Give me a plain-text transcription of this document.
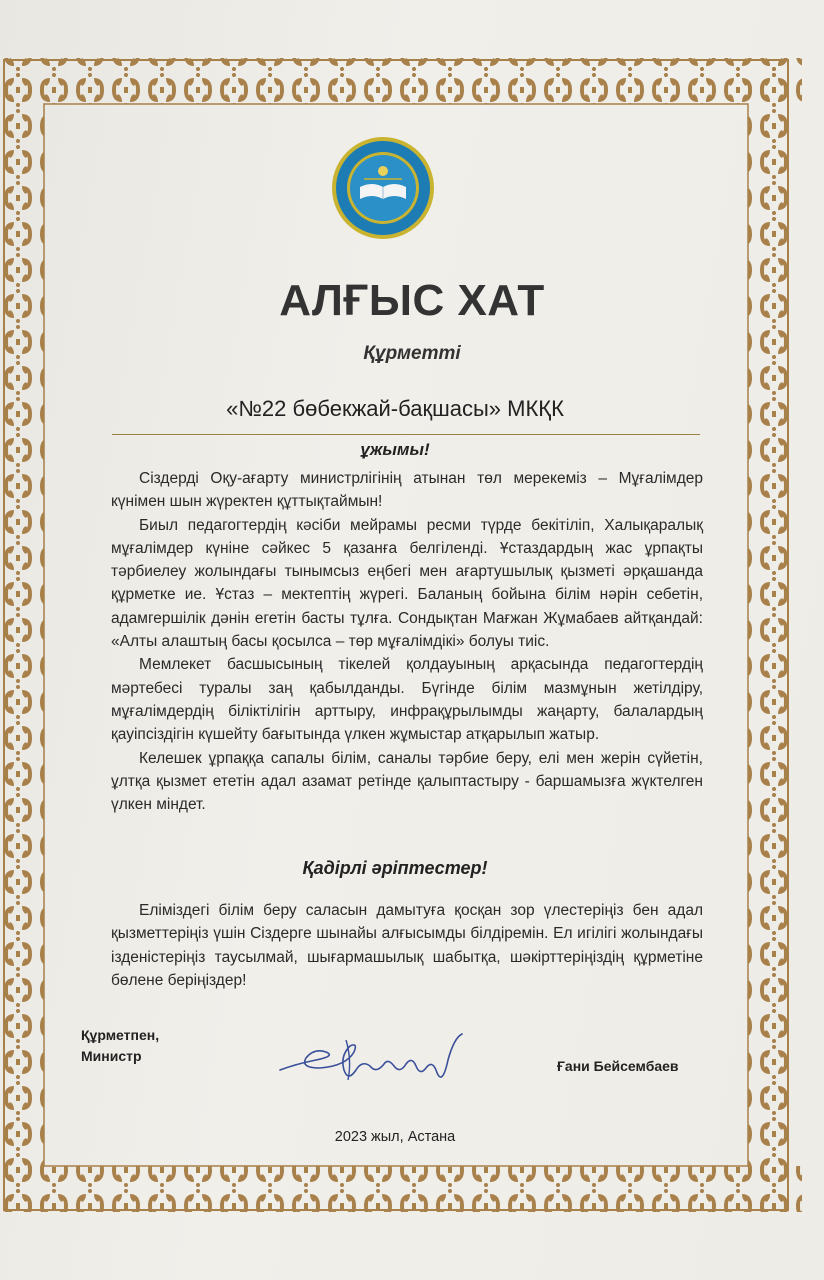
АЛҒЫС ХАТ
Құрметті
«№22 бөбекжай-бақшасы» МКҚК
ұжымы!

Сіздерді Оқу-ағарту министрлігінің атынан төл мерекеміз – Мұғалімдер күнімен шын жүректен құттықтаймын!

Биыл педагогтердің кәсіби мейрамы ресми түрде бекітіліп, Халықаралық мұғалімдер күніне сәйкес 5 қазанға белгіленді. Ұстаздардың жас ұрпақты тәрбиелеу жолындағы тынымсыз еңбегі мен ағартушылық қызметі әрқашанда құрметке ие. Ұстаз – мектептің жүрегі. Баланың бойына білім нәрін себетін, адамгершілік дәнін егетін басты тұлға. Сондықтан Мағжан Жұмабаев айтқандай: «Алты алаштың басы қосылса – төр мұғалімдікі» болуы тиіс.

Мемлекет басшысының тікелей қолдауының арқасында педагогтердің мәртебесі туралы заң қабылданды. Бүгінде білім мазмұнын жетілдіру, мұғалімдердің біліктілігін арттыру, инфрақұрылымды жаңарту, балалардың қауіпсіздігін күшейту бағытында үлкен жұмыстар атқарылып жатыр.

Келешек ұрпаққа сапалы білім, саналы тәрбие беру, елі мен жерін сүйетін, ұлтқа қызмет ететін адал азамат ретінде қалыптастыру - баршамызға жүктелген үлкен міндет.

Қадірлі әріптестер!

Еліміздегі білім беру саласын дамытуға қосқан зор үлестеріңіз бен адал қызметтеріңіз үшін Сіздерге шынайы алғысымды білдіремін. Ел игілігі жолындағы ізденістеріңіз таусылмай, шығармашылық шабытқа, шәкірттеріңіздің құрметіне бөлене беріңіздер!

Құрметпен,
Министр
Ғани Бейсембаев
2023 жыл, Астана
